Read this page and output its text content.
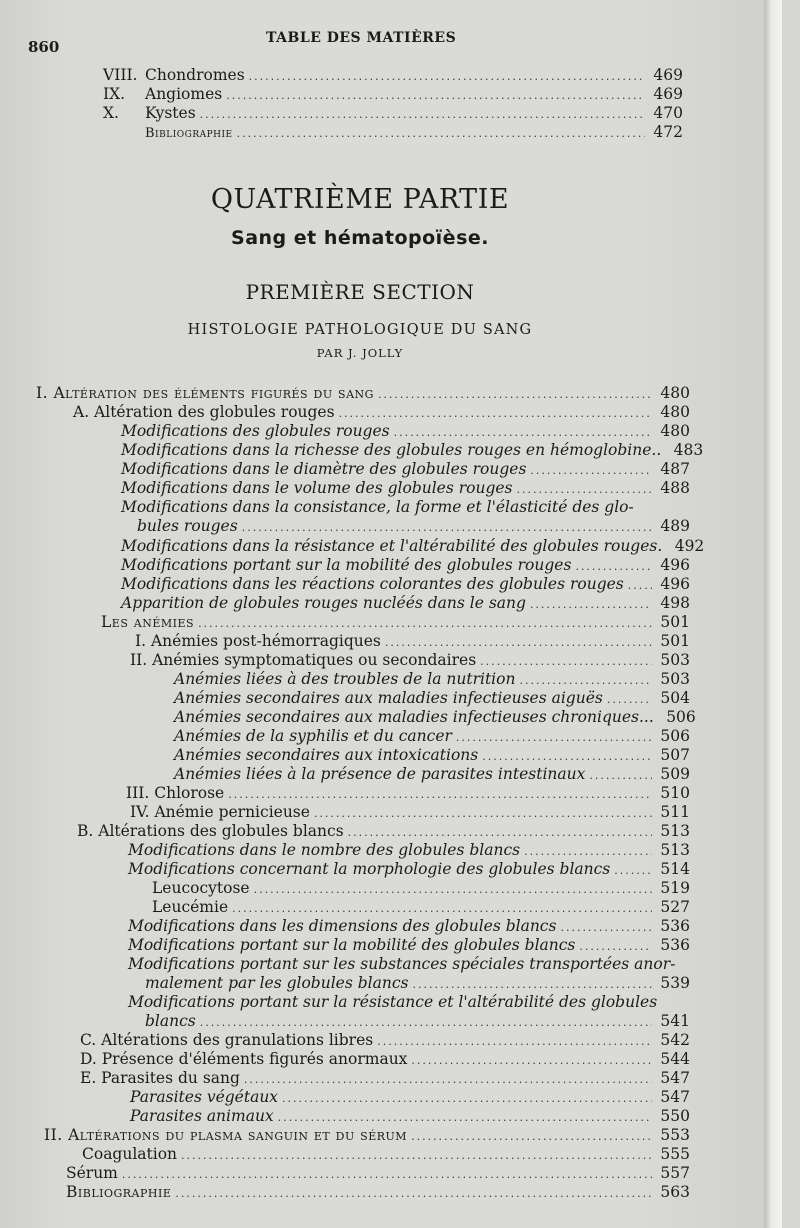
860	TABLE DES MATIÈRES
VIII. Chondromes .....	469
IX. Angiomes .....	469
X. Kystes .....	470
Bibliographie .....	472
QUATRIÈME PARTIE
Sang et hématopoïèse.
PREMIÈRE SECTION
HISTOLOGIE PATHOLOGIQUE DU SANG
PAR J. JOLLY
I. Altération des éléments figurés du sang .....	480
A. Altération des globules rouges .....	480
Modifications des globules rouges .....	480
Modifications dans la richesse des globules rouges en hémoglobine.. 483
Modifications dans le diamètre des globules rouges .....	487
Modifications dans le volume des globules rouges .....	488
Modifications dans la consistance, la forme et l'élasticité des glo-
bules rouges .....	489
Modifications dans la résistance et l'altérabilité des globules rouges. 492
Modifications portant sur la mobilité des globules rouges .....	496
Modifications dans les réactions colorantes des globules rouges ..... 496
Apparition de globules rouges nucléés dans le sang .....	498
Les anémies .....	501
I. Anémies post-hémorragiques .....	501
II. Anémies symptomatiques ou secondaires .....	503
Anémies liées à des troubles de la nutrition .....	503
Anémies secondaires aux maladies infectieuses aiguës .....	504
Anémies secondaires aux maladies infectieuses chroniques... 506
Anémies de la syphilis et du cancer .....	506
Anémies secondaires aux intoxications .....	507
Anémies liées à la présence de parasites intestinaux .....	509
III. Chlorose .....	510
IV. Anémie pernicieuse .....	511
B. Altérations des globules blancs .....	513
Modifications dans le nombre des globules blancs .....	513
Modifications concernant la morphologie des globules blancs .....	514
Leucocytose .....	519
Leucémie .....	527
Modifications dans les dimensions des globules blancs .....	536
Modifications portant sur la mobilité des globules blancs .....	536
Modifications portant sur les substances spéciales transportées anor-
malement par les globules blancs .....	539
Modifications portant sur la résistance et l'altérabilité des globules
blancs .....	541
C. Altérations des granulations libres .....	542
D. Présence d'éléments figurés anormaux .....	544
E. Parasites du sang .....	547
Parasites végétaux .....	547
Parasites animaux .....	550
II. Altérations du plasma sanguin et du sérum .....	553
Coagulation .....	555
Sérum .....	557
Bibliographie .....	563
